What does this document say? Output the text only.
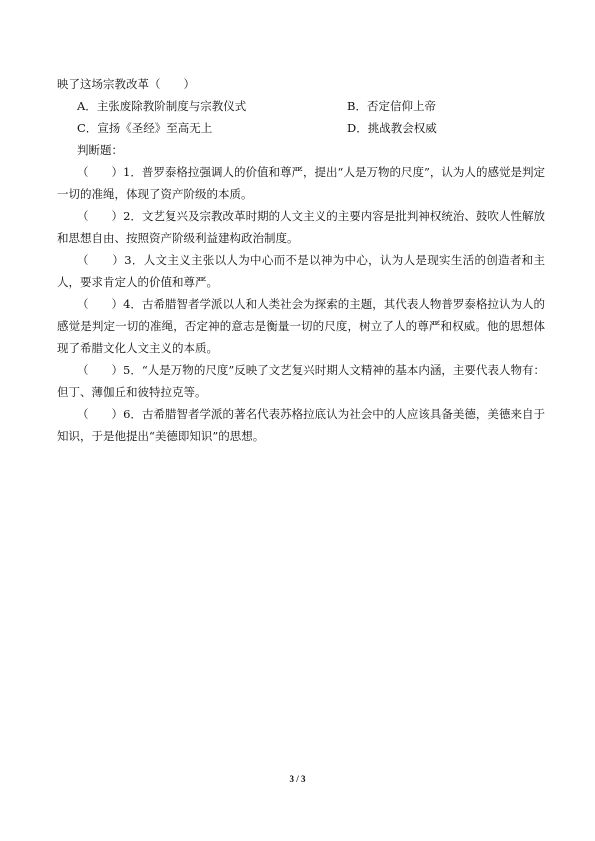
映了这场宗教改革（　　）
A．主张废除教阶制度与宗教仪式	B．否定信仰上帝
C．宣扬《圣经》至高无上	D．挑战教会权威
判断题：

（　　）1．普罗泰格拉强调人的价值和尊严，提出“人是万物的尺度”，认为人的感觉是判定一切的准绳，体现了资产阶级的本质。

（　　）2．文艺复兴及宗教改革时期的人文主义的主要内容是批判神权统治、鼓吹人性解放和思想自由、按照资产阶级利益建构政治制度。

（　　）3．人文主义主张以人为中心而不是以神为中心，认为人是现实生活的创造者和主人，要求肯定人的价值和尊严。

（　　）4．古希腊智者学派以人和人类社会为探索的主题，其代表人物普罗泰格拉认为人的感觉是判定一切的准绳，否定神的意志是衡量一切的尺度，树立了人的尊严和权威。他的思想体现了希腊文化人文主义的本质。

（　　）5．“人是万物的尺度”反映了文艺复兴时期人文精神的基本内涵，主要代表人物有：但丁、薄伽丘和彼特拉克等。

（　　）6．古希腊智者学派的著名代表苏格拉底认为社会中的人应该具备美德，美德来自于知识，于是他提出“美德即知识”的思想。

3 / 3
